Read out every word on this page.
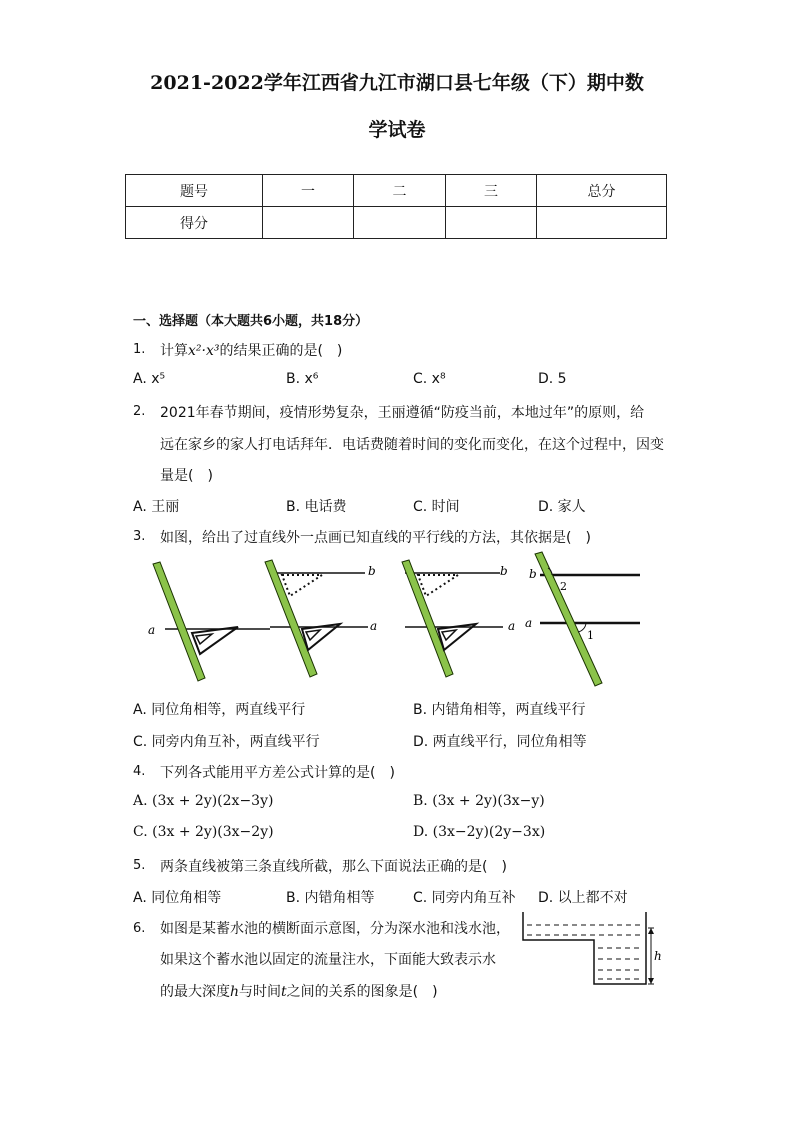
2021-2022学年江西省九江市湖口县七年级（下）期中数
学试卷
题号	一	二	三	总分
得分				
一、选择题（本大题共6小题，共18分）
1. 计算x²·x³的结果正确的是(　)
A. x⁵	B. x⁶	C. x⁸	D. 5
2. 2021年春节期间，疫情形势复杂，王丽遵循“防疫当前，本地过年”的原则，给
远在家乡的家人打电话拜年．电话费随着时间的变化而变化，在这个过程中，因变
量是(　)
A. 王丽	B. 电话费	C. 时间	D. 家人
3. 如图，给出了过直线外一点画已知直线的平行线的方法，其依据是(　)
a
b
a
b
a
b
a
2
1
A. 同位角相等，两直线平行	B. 内错角相等，两直线平行
C. 同旁内角互补，两直线平行	D. 两直线平行，同位角相等
4. 下列各式能用平方差公式计算的是(　)
A. (3x + 2y)(2x−3y)	B. (3x + 2y)(3x−y)
C. (3x + 2y)(3x−2y)	D. (3x−2y)(2y−3x)
5. 两条直线被第三条直线所截，那么下面说法正确的是(　)
A. 同位角相等	B. 内错角相等	C. 同旁内角互补 D. 以上都不对
6. 如图是某蓄水池的横断面示意图，分为深水池和浅水池，
如果这个蓄水池以固定的流量注水，下面能大致表示水
的最大深度h与时间t之间的关系的图象是(　)
h
